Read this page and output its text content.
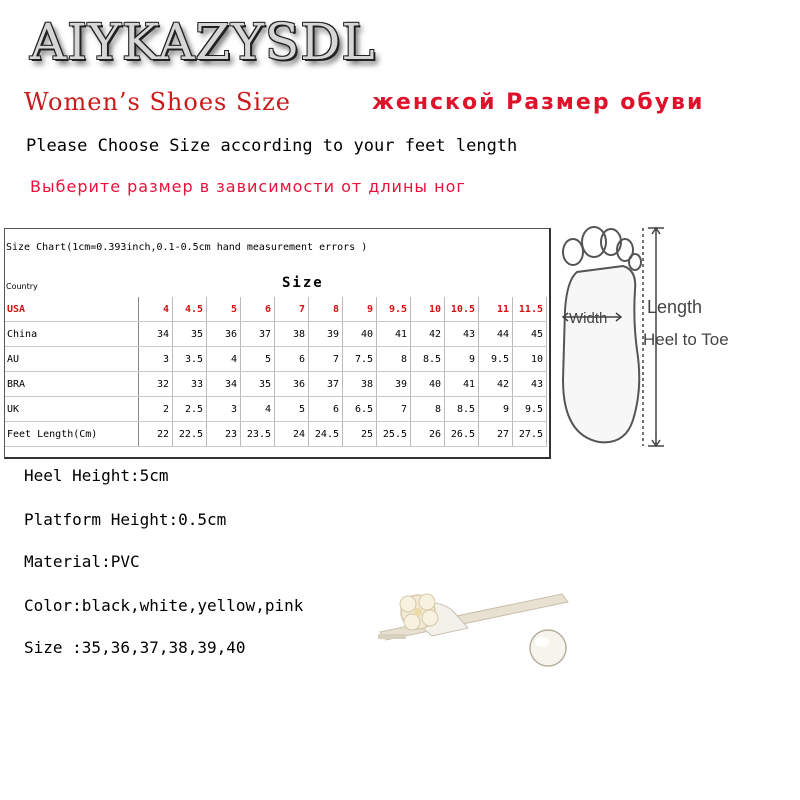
AIYKAZYSDL
Women’s Shoes Size	женской Размер обуви
Please Choose Size according to your feet length
Выберите размер в зависимости от длины ног
Size Chart(1cm=0.393inch,0.1-0.5cm hand measurement errors )
Size
Country
USA	4	4.5	5	6	7	8	9	9.5	10	10.5	11	11.5
China	34	35	36	37	38	39	40	41	42	43	44	45
AU	3	3.5	4	5	6	7	7.5	8	8.5	9	9.5	10
BRA	32	33	34	35	36	37	38	39	40	41	42	43
UK	2	2.5	3	4	5	6	6.5	7	8	8.5	9	9.5
Feet Length(Cm)	22	22.5	23	23.5	24	24.5	25	25.5	26	26.5	27	27.5
Width
Length
Heel to Toe
Heel Height:5cm
Platform Height:0.5cm
Material:PVC
Color:black,white,yellow,pink
Size :35,36,37,38,39,40
